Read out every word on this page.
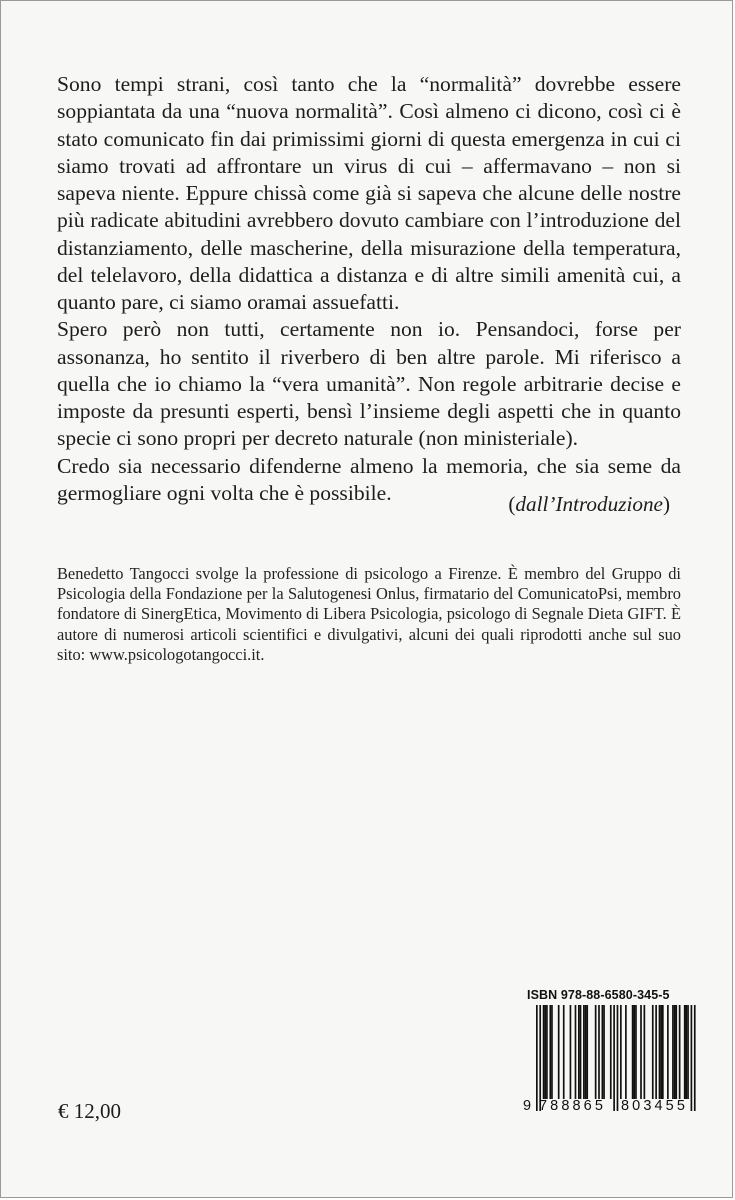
Sono tempi strani, così tanto che la “normalità” dovrebbe essere soppiantata da una “nuova normalità”. Così almeno ci dicono, così ci è stato comunicato fin dai primissimi giorni di questa emergenza in cui ci siamo trovati ad affrontare un virus di cui – affermavano – non si sapeva niente. Eppure chissà come già si sapeva che alcune delle nostre più radicate abitudini avrebbero dovuto cambiare con l’introduzione del distanziamento, delle mascherine, della misurazione della temperatura, del telelavoro, della didattica a distanza e di altre simili amenità cui, a quanto pare, ci siamo oramai assuefatti.

Spero però non tutti, certamente non io. Pensandoci, forse per assonanza, ho sentito il riverbero di ben altre parole. Mi riferisco a quella che io chiamo la “vera umanità”. Non regole arbitrarie decise e imposte da presunti esperti, bensì l’insieme degli aspetti che in quanto specie ci sono propri per decreto naturale (non ministeriale).

Credo sia necessario difenderne almeno la memoria, che sia seme da germogliare ogni volta che è possibile.	(dall’Introduzione)

Benedetto Tangocci svolge la professione di psicologo a Firenze. È membro del Gruppo di Psicologia della Fondazione per la Salutogenesi Onlus, firmatario del ComunicatoPsi, membro fondatore di SinergEtica, Movimento di Libera Psicologia, psicologo di Segnale Dieta GIFT. È autore di numerosi articoli scientifici e divulgativi, alcuni dei quali riprodotti anche sul suo sito: www.psicologotangocci.it.

€ 12,00

ISBN 978-88-6580-345-5

9 788865 803455
